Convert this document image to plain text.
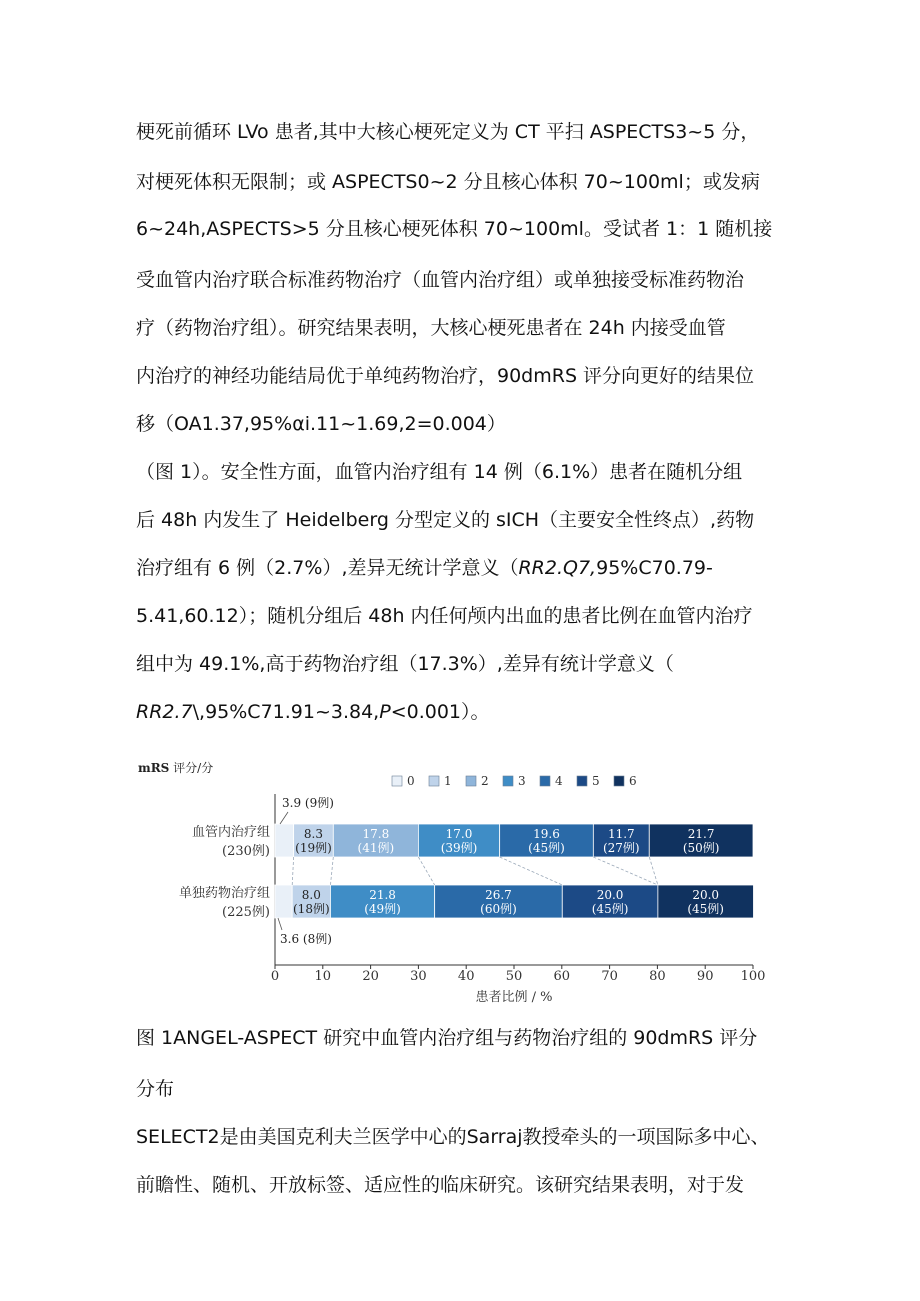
梗死前循环 LVo 患者,其中大核心梗死定义为 CT 平扫 ASPECTS3~5 分，
对梗死体积无限制；或 ASPECTS0~2 分且核心体积 70~100ml；或发病
6~24h,ASPECTS>5 分且核心梗死体积 70~100ml。受试者 1：1 随机接
受血管内治疗联合标准药物治疗（血管内治疗组）或单独接受标准药物治
疗（药物治疗组）。研究结果表明，大核心梗死患者在 24h 内接受血管
内治疗的神经功能结局优于单纯药物治疗，90dmRS 评分向更好的结果位
移（OA1.37,95%αi.11~1.69,2=0.004）
（图 1）。安全性方面，血管内治疗组有 14 例（6.1%）患者在随机分组
后 48h 内发生了 Heidelberg 分型定义的 sICH（主要安全性终点）,药物
治疗组有 6 例（2.7%）,差异无统计学意义（RR2.Q7,95%C70.79-
5.41,60.12）；随机分组后 48h 内任何颅内出血的患者比例在血管内治疗
组中为 49.1%,高于药物治疗组（17.3%）,差异有统计学意义（
RR2.7\,95%C71.91~3.84,P<0.001）。
mRS 评分/分
0 1 2 3 4 5 6
0	10 20 30 40 50 60 70 80 90 100
患者比例 / %
血管内治疗组
(230例)
8.3
(19例)
17.8
(41例)
17.0
(39例)
19.6
(45例)
11.7
(27例)
21.7
(50例)
单独药物治疗组
(225例)
8.0
(18例)
21.8
(49例)
26.7
(60例)
20.0
(45例)
20.0
(45例)
3.9 (9例)
3.6 (8例)
图 1ANGEL-ASPECT 研究中血管内治疗组与药物治疗组的 90dmRS 评分
分布
SELECT2是由美国克利夫兰医学中心的Sarraj教授牵头的一项国际多中心、
前瞻性、随机、开放标签、适应性的临床研究。该研究结果表明，对于发
